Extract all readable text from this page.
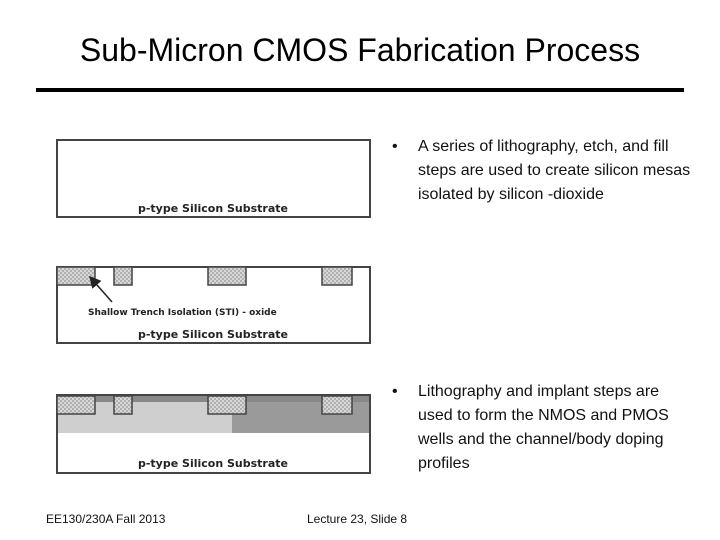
Sub-Micron CMOS Fabrication Process
p-type Silicon Substrate
Shallow Trench Isolation (STI) - oxide
p-type Silicon Substrate
p-type Silicon Substrate
•	A series of lithography, etch, and fill steps are used to create silicon mesas isolated by silicon -dioxide
•	Lithography and implant steps are used to form the NMOS and PMOS wells and the channel/body doping profiles
EE130/230A Fall 2013	Lecture 23, Slide 8
